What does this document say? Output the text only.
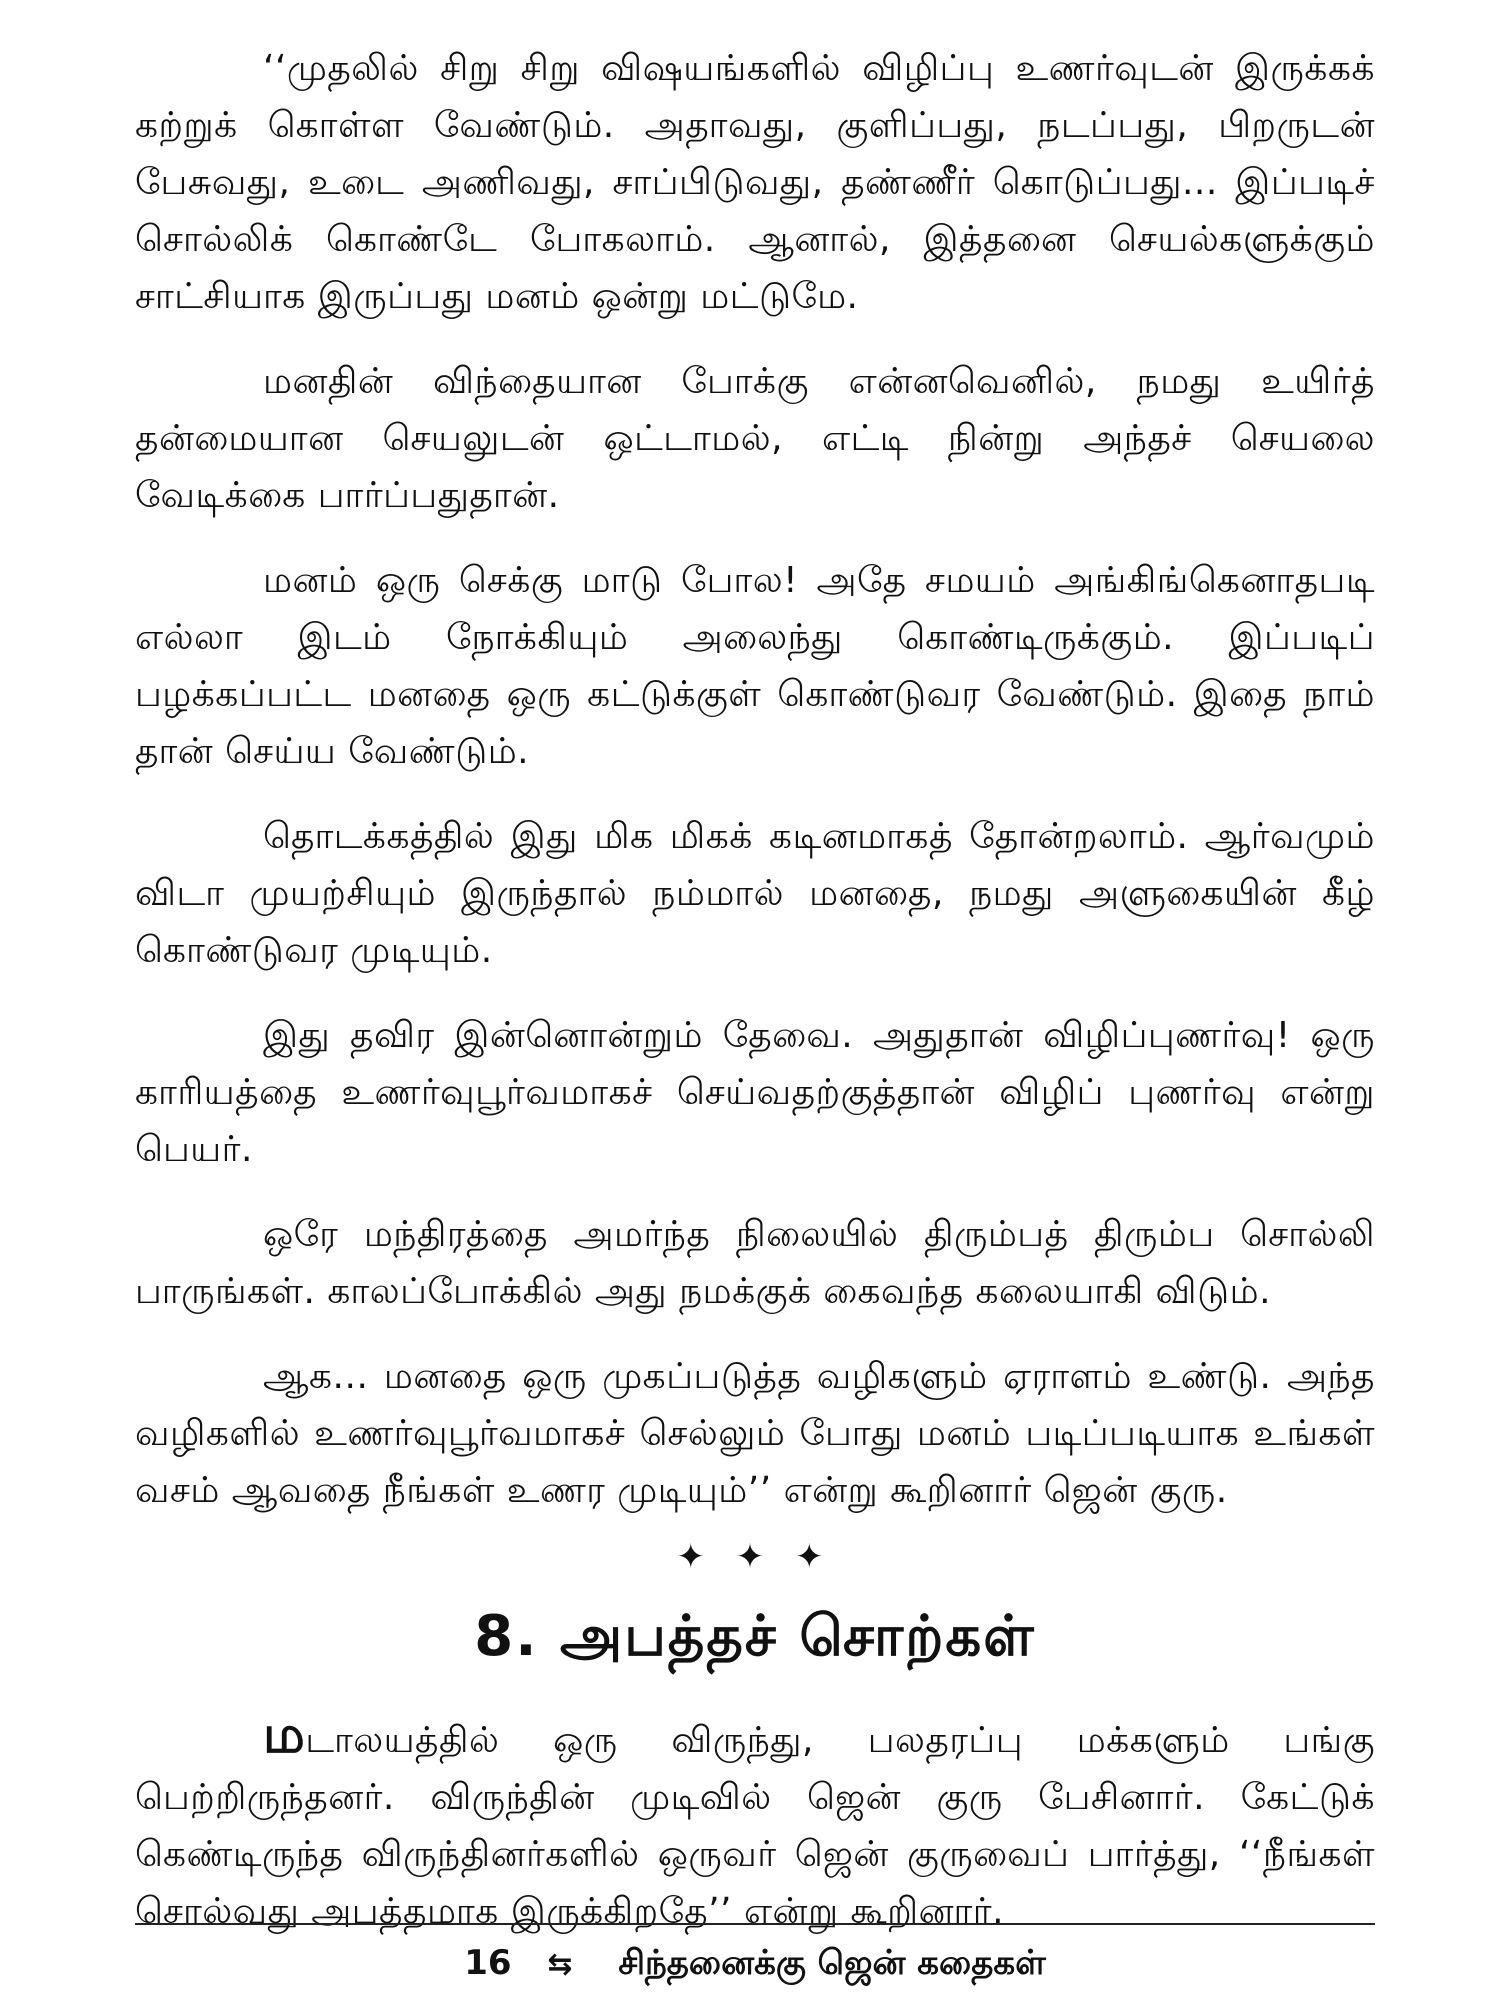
‘‘முதலில் சிறு சிறு விஷயங்களில் விழிப்பு உணர்வுடன் இருக்கக் கற்றுக் கொள்ள வேண்டும். அதாவது, குளிப்பது, நடப்பது, பிறருடன் பேசுவது, உடை அணிவது, சாப்பிடுவது, தண்ணீர் கொடுப்பது... இப்படிச் சொல்லிக் கொண்டே போகலாம். ஆனால், இத்தனை செயல்களுக்கும் சாட்சியாக இருப்பது மனம் ஒன்று மட்டுமே.

மனதின் விந்தையான போக்கு என்னவெனில், நமது உயிர்த் தன்மையான செயலுடன் ஒட்டாமல், எட்டி நின்று அந்தச் செயலை வேடிக்கை பார்ப்பதுதான்.

மனம் ஒரு செக்கு மாடு போல! அதே சமயம் அங்கிங்கெனாதபடி எல்லா இடம் நோக்கியும் அலைந்து கொண்டிருக்கும். இப்படிப் பழக்கப்பட்ட மனதை ஒரு கட்டுக்குள் கொண்டுவர வேண்டும். இதை நாம் தான் செய்ய வேண்டும்.

தொடக்கத்தில் இது மிக மிகக் கடினமாகத் தோன்றலாம். ஆர்வமும் விடா முயற்சியும் இருந்தால் நம்மால் மனதை, நமது அளுகையின் கீழ் கொண்டுவர முடியும்.

இது தவிர இன்னொன்றும் தேவை. அதுதான் விழிப்புணர்வு! ஒரு காரியத்தை உணர்வுபூர்வமாகச் செய்வதற்குத்தான் விழிப் புணர்வு என்று பெயர்.

ஒரே மந்திரத்தை அமர்ந்த நிலையில் திரும்பத் திரும்ப சொல்லி பாருங்கள். காலப்போக்கில் அது நமக்குக் கைவந்த கலையாகி விடும்.

ஆக... மனதை ஒரு முகப்படுத்த வழிகளும் ஏராளம் உண்டு. அந்த வழிகளில் உணர்வுபூர்வமாகச் செல்லும் போது மனம் படிப்படியாக உங்கள் வசம் ஆவதை நீங்கள் உணர முடியும்’’ என்று கூறினார் ஜென் குரு.

✦ ✦ ✦
8. அபத்தச் சொற்கள்

மடாலயத்தில் ஒரு விருந்து, பலதரப்பு மக்களும் பங்கு பெற்றிருந்தனர். விருந்தின் முடிவில் ஜென் குரு பேசினார். கேட்டுக் கெண்டிருந்த விருந்தினர்களில் ஒருவர் ஜென் குருவைப் பார்த்து, ‘‘நீங்கள் சொல்வது அபத்தமாக இருக்கிறதே’’ என்று கூறினார்.

16 ⇆ சிந்தனைக்கு ஜென் கதைகள்
